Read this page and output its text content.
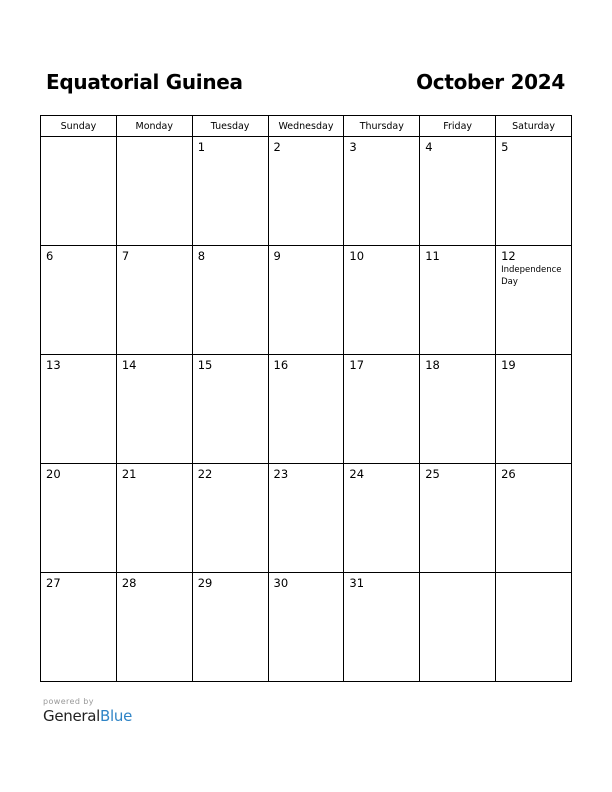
Equatorial Guinea	October 2024
Sunday	Monday	Tuesday	Wednesday	Thursday	Friday	Saturday

		1	2	3	4	5

6	7	8	9	10	11	12
Independence Day

13	14	15	16	17	18	19

20	21	22	23	24	25	26

27	28	29	30	31		

powered by
GeneralBlue
